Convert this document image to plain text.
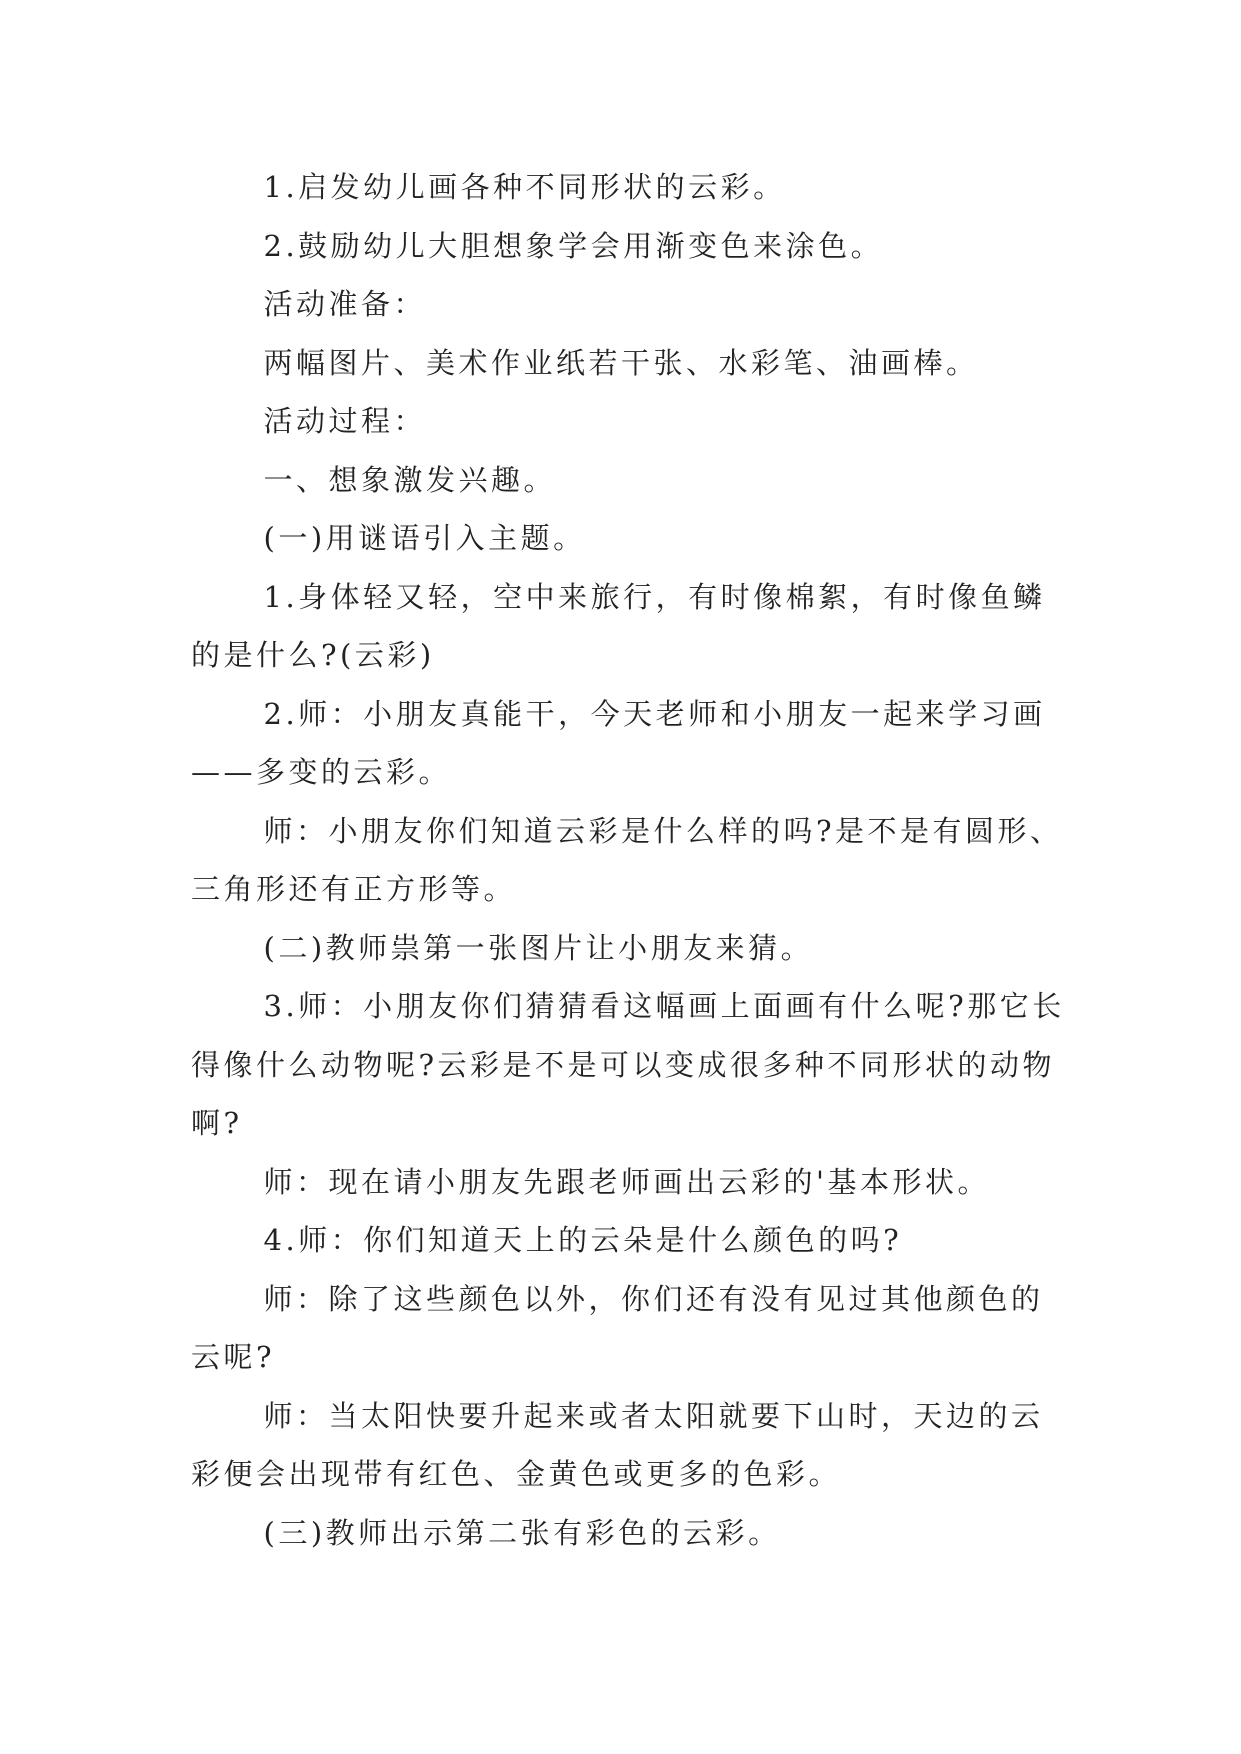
1.启发幼儿画各种不同形状的云彩。

2.鼓励幼儿大胆想象学会用渐变色来涂色。

活动准备：

两幅图片、美术作业纸若干张、水彩笔、油画棒。

活动过程：

一、想象激发兴趣。

(一)用谜语引入主题。

1.身体轻又轻，空中来旅行，有时像棉絮，有时像鱼鳞的是什么?(云彩)

2.师：小朋友真能干，今天老师和小朋友一起来学习画——多变的云彩。

师：小朋友你们知道云彩是什么样的吗?是不是有圆形、三角形还有正方形等。

(二)教师祟第一张图片让小朋友来猜。

3.师：小朋友你们猜猜看这幅画上面画有什么呢?那它长得像什么动物呢?云彩是不是可以变成很多种不同形状的动物啊?

师：现在请小朋友先跟老师画出云彩的'基本形状。

4.师：你们知道天上的云朵是什么颜色的吗?

师：除了这些颜色以外，你们还有没有见过其他颜色的云呢?

师：当太阳快要升起来或者太阳就要下山时，天边的云彩便会出现带有红色、金黄色或更多的色彩。

(三)教师出示第二张有彩色的云彩。
